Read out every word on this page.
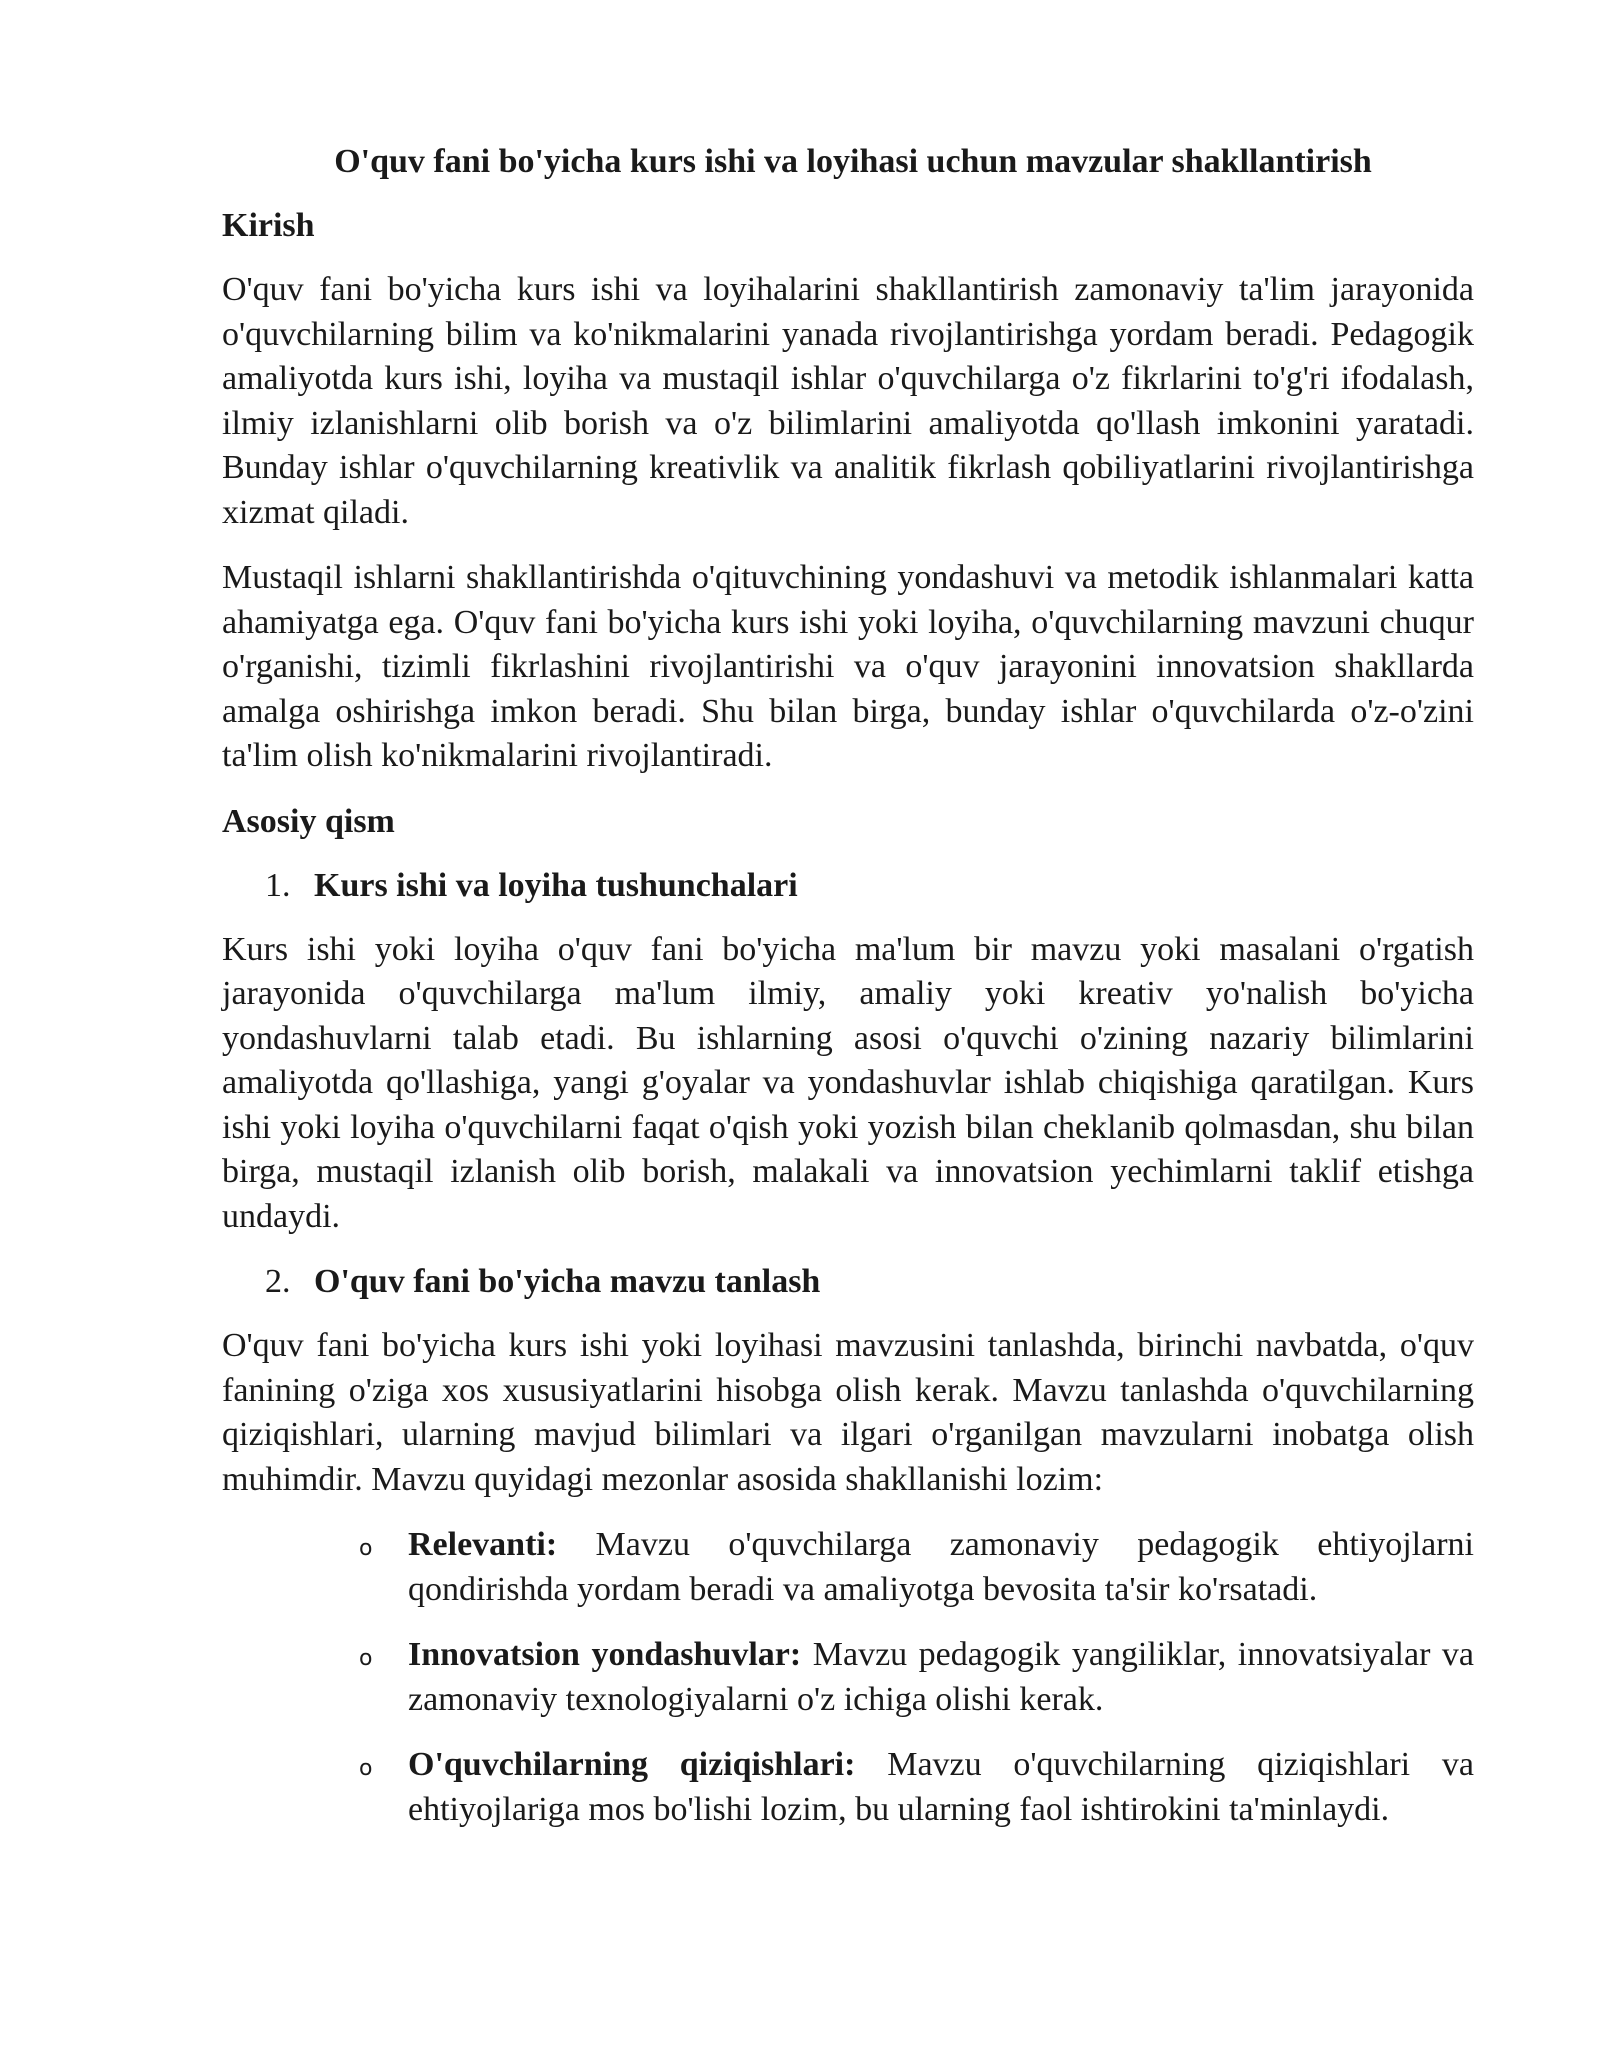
O'quv fani bo'yicha kurs ishi va loyihasi uchun mavzular shakllantirish
Kirish

O'quv fani bo'yicha kurs ishi va loyihalarini shakllantirish zamonaviy ta'lim jarayonida o'quvchilarning bilim va ko'nikmalarini yanada rivojlantirishga yordam beradi. Pedagogik amaliyotda kurs ishi, loyiha va mustaqil ishlar o'quvchilarga o'z fikrlarini to'g'ri ifodalash, ilmiy izlanishlarni olib borish va o'z bilimlarini amaliyotda qo'llash imkonini yaratadi. Bunday ishlar o'quvchilarning kreativlik va analitik fikrlash qobiliyatlarini rivojlantirishga xizmat qiladi.

Mustaqil ishlarni shakllantirishda o'qituvchining yondashuvi va metodik ishlanmalari katta ahamiyatga ega. O'quv fani bo'yicha kurs ishi yoki loyiha, o'quvchilarning mavzuni chuqur o'rganishi, tizimli fikrlashini rivojlantirishi va o'quv jarayonini innovatsion shakllarda amalga oshirishga imkon beradi. Shu bilan birga, bunday ishlar o'quvchilarda o'z-o'zini ta'lim olish ko'nikmalarini rivojlantiradi.

Asosiy qism
1. Kurs ishi va loyiha tushunchalari

Kurs ishi yoki loyiha o'quv fani bo'yicha ma'lum bir mavzu yoki masalani o'rgatish jarayonida o'quvchilarga ma'lum ilmiy, amaliy yoki kreativ yo'nalish bo'yicha yondashuvlarni talab etadi. Bu ishlarning asosi o'quvchi o'zining nazariy bilimlarini amaliyotda qo'llashiga, yangi g'oyalar va yondashuvlar ishlab chiqishiga qaratilgan. Kurs ishi yoki loyiha o'quvchilarni faqat o'qish yoki yozish bilan cheklanib qolmasdan, shu bilan birga, mustaqil izlanish olib borish, malakali va innovatsion yechimlarni taklif etishga undaydi.

2. O'quv fani bo'yicha mavzu tanlash

O'quv fani bo'yicha kurs ishi yoki loyihasi mavzusini tanlashda, birinchi navbatda, o'quv fanining o'ziga xos xususiyatlarini hisobga olish kerak. Mavzu tanlashda o'quvchilarning qiziqishlari, ularning mavjud bilimlari va ilgari o'rganilgan mavzularni inobatga olish muhimdir. Mavzu quyidagi mezonlar asosida shakllanishi lozim:

o Relevanti: Mavzu o'quvchilarga zamonaviy pedagogik ehtiyojlarni qondirishda yordam beradi va amaliyotga bevosita ta'sir ko'rsatadi.
o Innovatsion yondashuvlar: Mavzu pedagogik yangiliklar, innovatsiyalar va zamonaviy texnologiyalarni o'z ichiga olishi kerak.
o O'quvchilarning qiziqishlari: Mavzu o'quvchilarning qiziqishlari va ehtiyojlariga mos bo'lishi lozim, bu ularning faol ishtirokini ta'minlaydi.
